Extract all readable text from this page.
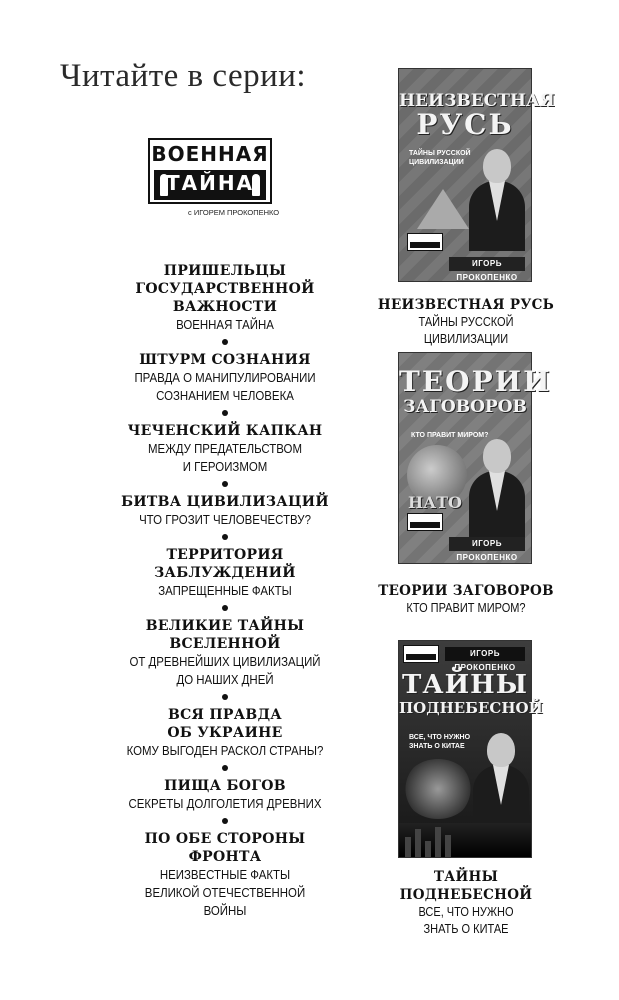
Читайте в серии:
ВОЕННАЯ
ТАЙНА
с ИГОРЕМ ПРОКОПЕНКО
ПРИШЕЛЬЦЫ
ГОСУДАРСТВЕННОЙ
ВАЖНОСТИ
ВОЕННАЯ ТАЙНА
ШТУРМ СОЗНАНИЯ
ПРАВДА О МАНИПУЛИРОВАНИИ
СОЗНАНИЕМ ЧЕЛОВЕКА
ЧЕЧЕНСКИЙ КАПКАН
МЕЖДУ ПРЕДАТЕЛЬСТВОМ
И ГЕРОИЗМОМ
БИТВА ЦИВИЛИЗАЦИЙ
ЧТО ГРОЗИТ ЧЕЛОВЕЧЕСТВУ?
ТЕРРИТОРИЯ
ЗАБЛУЖДЕНИЙ
ЗАПРЕЩЕННЫЕ ФАКТЫ
ВЕЛИКИЕ ТАЙНЫ
ВСЕЛЕННОЙ
ОТ ДРЕВНЕЙШИХ ЦИВИЛИЗАЦИЙ
ДО НАШИХ ДНЕЙ
ВСЯ ПРАВДА
ОБ УКРАИНЕ
КОМУ ВЫГОДЕН РАСКОЛ СТРАНЫ?
ПИЩА БОГОВ
СЕКРЕТЫ ДОЛГОЛЕТИЯ ДРЕВНИХ
ПО ОБЕ СТОРОНЫ
ФРОНТА
НЕИЗВЕСТНЫЕ ФАКТЫ
ВЕЛИКОЙ ОТЕЧЕСТВЕННОЙ ВОЙНЫ
НЕИЗВЕСТНАЯ
РУСЬ
ТАЙНЫ РУССКОЙ
ЦИВИЛИЗАЦИИ
ИГОРЬ ПРОКОПЕНКО
НЕИЗВЕСТНАЯ РУСЬ
ТАЙНЫ РУССКОЙ ЦИВИЛИЗАЦИИ
ТЕОРИИ
ЗАГОВОРОВ
КТО ПРАВИТ МИРОМ?
НАТО
ИГОРЬ ПРОКОПЕНКО
ТЕОРИИ ЗАГОВОРОВ
КТО ПРАВИТ МИРОМ?
ИГОРЬ ПРОКОПЕНКО
ТАЙНЫ
ПОДНЕБЕСНОЙ
ВСЕ, ЧТО НУЖНО
ЗНАТЬ О КИТАЕ
ТАЙНЫ
ПОДНЕБЕСНОЙ
ВСЕ, ЧТО НУЖНО
ЗНАТЬ О КИТАЕ
